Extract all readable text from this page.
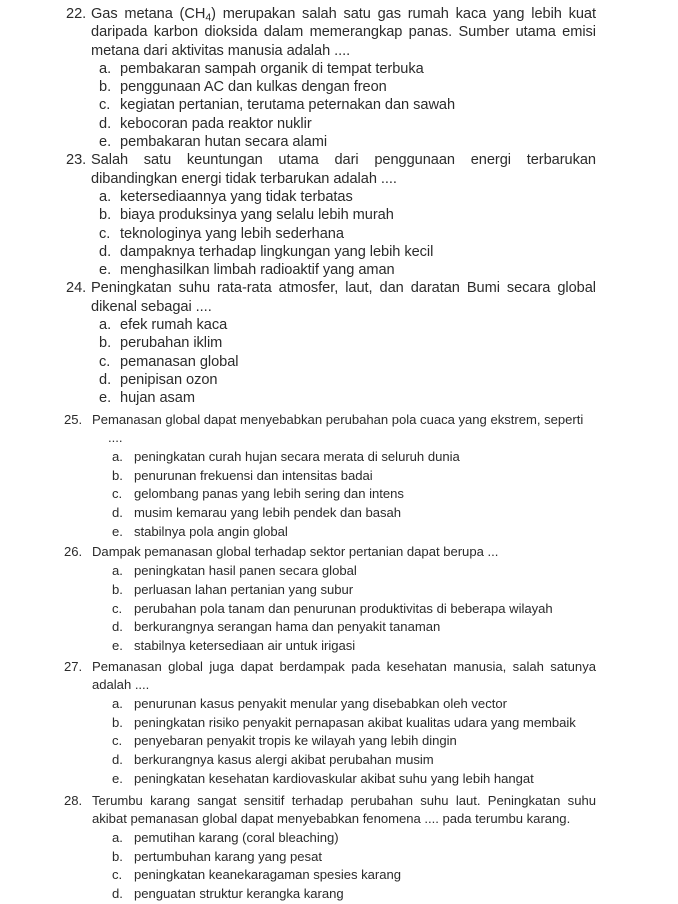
22. Gas metana $(CH_4)$ merupakan salah satu gas rumah kaca yang lebih kuat daripada karbon dioksida dalam memerangkap panas. Sumber utama emisi metana dari aktivitas manusia adalah ....

a. pembakaran sampah organik di tempat terbuka
b. penggunaan AC dan kulkas dengan freon
c. kegiatan pertanian, terutama peternakan dan sawah
d. kebocoran pada reaktor nuklir
e. pembakaran hutan secara alami
23. Salah satu keuntungan utama dari penggunaan energi terbarukan dibandingkan energi tidak terbarukan adalah ....

a. ketersediaannya yang tidak terbatas
b. biaya produksinya yang selalu lebih murah
c. teknologinya yang lebih sederhana
d. dampaknya terhadap lingkungan yang lebih kecil
e. menghasilkan limbah radioaktif yang aman
24. Peningkatan suhu rata-rata atmosfer, laut, dan daratan Bumi secara global dikenal sebagai ....

a. efek rumah kaca
b. perubahan iklim
c. pemanasan global
d. penipisan ozon
e. hujan asam
25. Pemanasan global dapat menyebabkan perubahan pola cuaca yang ekstrem, seperti

....

a. peningkatan curah hujan secara merata di seluruh dunia
b. penurunan frekuensi dan intensitas badai
c. gelombang panas yang lebih sering dan intens
d. musim kemarau yang lebih pendek dan basah
e. stabilnya pola angin global
26. Dampak pemanasan global terhadap sektor pertanian dapat berupa ...

a. peningkatan hasil panen secara global
b. perluasan lahan pertanian yang subur
c. perubahan pola tanam dan penurunan produktivitas di beberapa wilayah
d. berkurangnya serangan hama dan penyakit tanaman
e. stabilnya ketersediaan air untuk irigasi
27. Pemanasan global juga dapat berdampak pada kesehatan manusia, salah satunya adalah ....

a. penurunan kasus penyakit menular yang disebabkan oleh vector
b. peningkatan risiko penyakit pernapasan akibat kualitas udara yang membaik
c. penyebaran penyakit tropis ke wilayah yang lebih dingin
d. berkurangnya kasus alergi akibat perubahan musim
e. peningkatan kesehatan kardiovaskular akibat suhu yang lebih hangat
28. Terumbu karang sangat sensitif terhadap perubahan suhu laut. Peningkatan suhu akibat pemanasan global dapat menyebabkan fenomena .... pada terumbu karang.

a. pemutihan karang (coral bleaching)
b. pertumbuhan karang yang pesat
c. peningkatan keanekaragaman spesies karang
d. penguatan struktur kerangka karang
